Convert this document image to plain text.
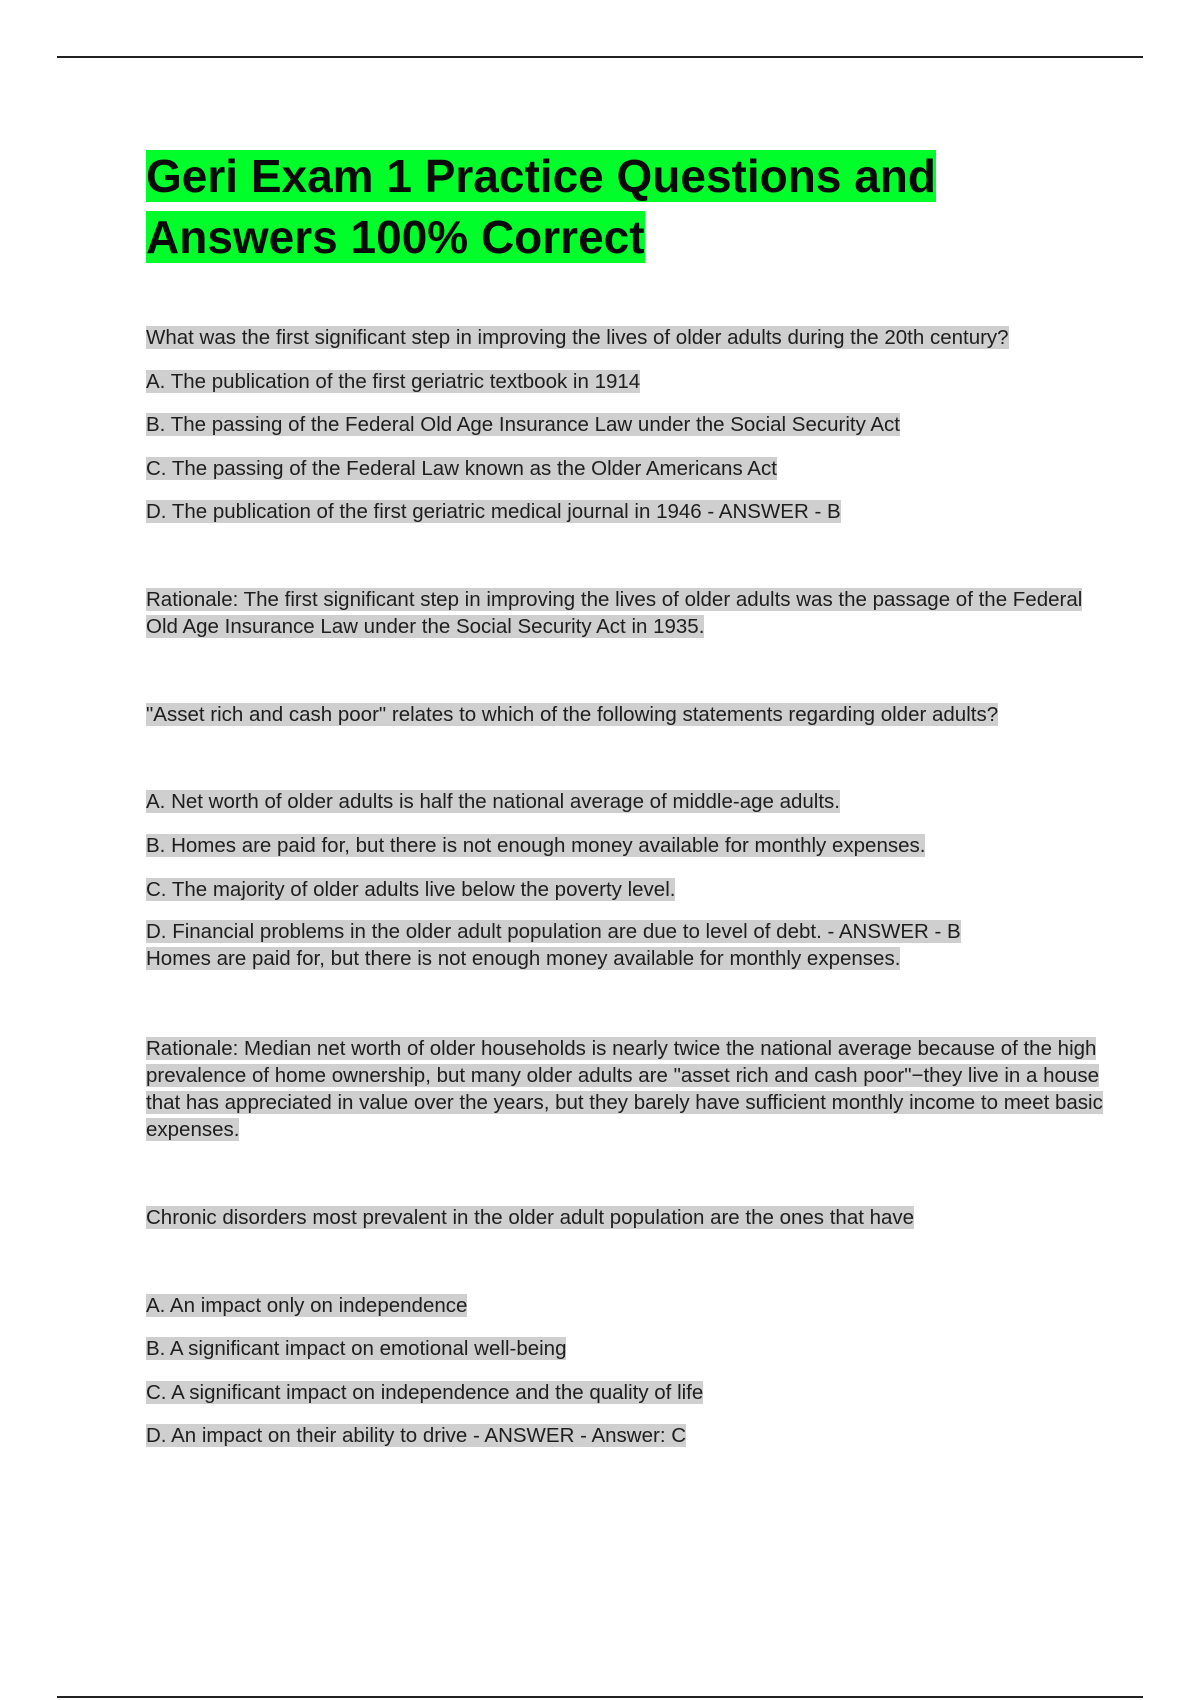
Geri Exam 1 Practice Questions and
Answers 100% Correct

What was the first significant step in improving the lives of older adults during the 20th century?

A. The publication of the first geriatric textbook in 1914

B. The passing of the Federal Old Age Insurance Law under the Social Security Act

C. The passing of the Federal Law known as the Older Americans Act

D. The publication of the first geriatric medical journal in 1946 - ANSWER - B

Rationale: The first significant step in improving the lives of older adults was the passage of the Federal Old Age Insurance Law under the Social Security Act in 1935.

"Asset rich and cash poor" relates to which of the following statements regarding older adults?

A. Net worth of older adults is half the national average of middle-age adults.

B. Homes are paid for, but there is not enough money available for monthly expenses.

C. The majority of older adults live below the poverty level.

D. Financial problems in the older adult population are due to level of debt. - ANSWER - B Homes are paid for, but there is not enough money available for monthly expenses.

Rationale: Median net worth of older households is nearly twice the national average because of the high prevalence of home ownership, but many older adults are "asset rich and cash poor"−they live in a house that has appreciated in value over the years, but they barely have sufficient monthly income to meet basic expenses.

Chronic disorders most prevalent in the older adult population are the ones that have

A. An impact only on independence

B. A significant impact on emotional well-being

C. A significant impact on independence and the quality of life

D. An impact on their ability to drive - ANSWER - Answer: C
